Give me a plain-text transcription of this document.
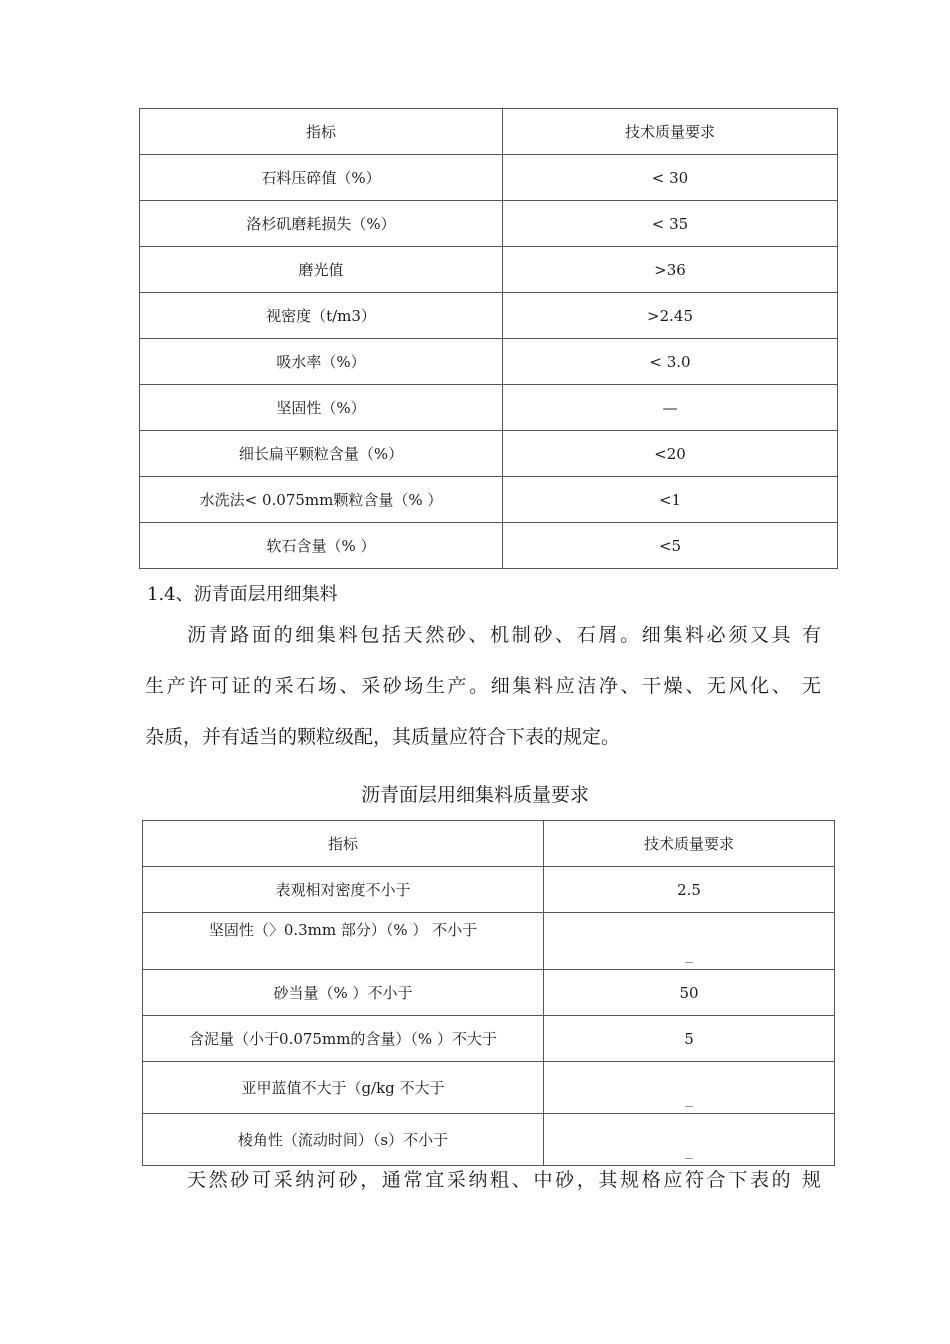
指标	技术质量要求
石料压碎值（%）	< 30
洛杉矶磨耗损失（%）	< 35
磨光值	>36
视密度（t/m3）	>2.45
吸水率（%）	< 3.0
坚固性（%）	—
细长扁平颗粒含量（%）	<20
水洗法< 0.075mm颗粒含量（% ）	<1
软石含量（% ）	<5
1.4、沥青面层用细集料
沥青路面的细集料包括天然砂、机制砂、石屑。细集料必须又具 有
生产许可证的采石场、采砂场生产。细集料应洁净、干燥、无风化、 无
杂质，并有适当的颗粒级配，其质量应符合下表的规定。
沥青面层用细集料质量要求
指标	技术质量要求
表观相对密度不小于	2.5
坚固性（〉0.3mm 部分）（% ） 不小于	_
砂当量（% ）不小于	50
含泥量（小于0.075mm的含量）（% ）不大于	5
亚甲蓝值不大于（g/kg 不大于	_
棱角性（流动时间）（s）不小于	_
天然砂可采纳河砂，通常宜采纳粗、中砂，其规格应符合下表的 规
